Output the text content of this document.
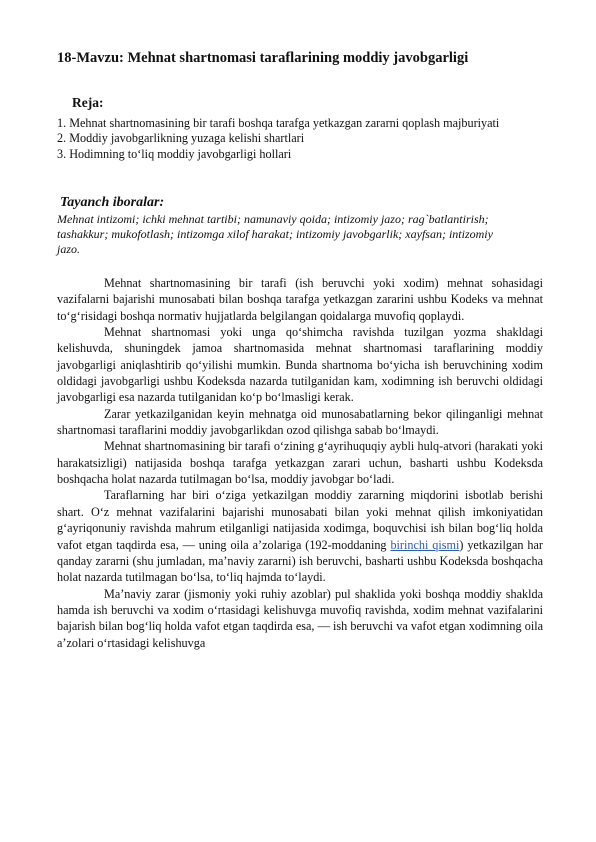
18-Mavzu: Mehnat shartnomasi taraflarining moddiy javobgarligi
Reja:
1. Mehnat shartnomasining bir tarafi boshqa tarafga yetkazgan zararni qoplash majburiyati
2. Moddiy javobgarlikning yuzaga kelishi shartlari
3. Hodimning to‘liq moddiy javobgarligi hollari
Tayanch iboralar:
Mehnat intizomi; ichki mehnat tartibi; namunaviy qoida; intizomiy jazo; rag`batlantirish; tashakkur; mukofotlash; intizomga xilof harakat; intizomiy javobgarlik; xayfsan; intizomiy jazo.

Mehnat shartnomasining bir tarafi (ish beruvchi yoki xodim) mehnat sohasidagi vazifalarni bajarishi munosabati bilan boshqa tarafga yetkazgan zararini ushbu Kodeks va mehnat to‘g‘risidagi boshqa normativ hujjatlarda belgilangan qoidalarga muvofiq qoplaydi.

Mehnat shartnomasi yoki unga qo‘shimcha ravishda tuzilgan yozma shakldagi kelishuvda, shuningdek jamoa shartnomasida mehnat shartnomasi taraflarining moddiy javobgarligi aniqlashtirib qo‘yilishi mumkin. Bunda shartnoma bo‘yicha ish beruvchining xodim oldidagi javobgarligi ushbu Kodeksda nazarda tutilganidan kam, xodimning ish beruvchi oldidagi javobgarligi esa nazarda tutilganidan ko‘p bo‘lmasligi kerak.

Zarar yetkazilganidan keyin mehnatga oid munosabatlarning bekor qilinganligi mehnat shartnomasi taraflarini moddiy javobgarlikdan ozod qilishga sabab bo‘lmaydi.

Mehnat shartnomasining bir tarafi o‘zining g‘ayrihuquqiy aybli hulq-atvori (harakati yoki harakatsizligi) natijasida boshqa tarafga yetkazgan zarari uchun, basharti ushbu Kodeksda boshqacha holat nazarda tutilmagan bo‘lsa, moddiy javobgar bo‘ladi.

Taraflarning har biri o‘ziga yetkazilgan moddiy zararning miqdorini isbotlab berishi shart. O‘z mehnat vazifalarini bajarishi munosabati bilan yoki mehnat qilish imkoniyatidan g‘ayriqonuniy ravishda mahrum etilganligi natijasida xodimga, boquvchisi ish bilan bog‘liq holda vafot etgan taqdirda esa, — uning oila a’zolariga (192-moddaning birinchi qismi) yetkazilgan har qanday zararni (shu jumladan, ma’naviy zararni) ish beruvchi, basharti ushbu Kodeksda boshqacha holat nazarda tutilmagan bo‘lsa, to‘liq hajmda to‘laydi.

Ma’naviy zarar (jismoniy yoki ruhiy azoblar) pul shaklida yoki boshqa moddiy shaklda hamda ish beruvchi va xodim o‘rtasidagi kelishuvga muvofiq ravishda, xodim mehnat vazifalarini bajarish bilan bog‘liq holda vafot etgan taqdirda esa, — ish beruvchi va vafot etgan xodimning oila a’zolari o‘rtasidagi kelishuvga
